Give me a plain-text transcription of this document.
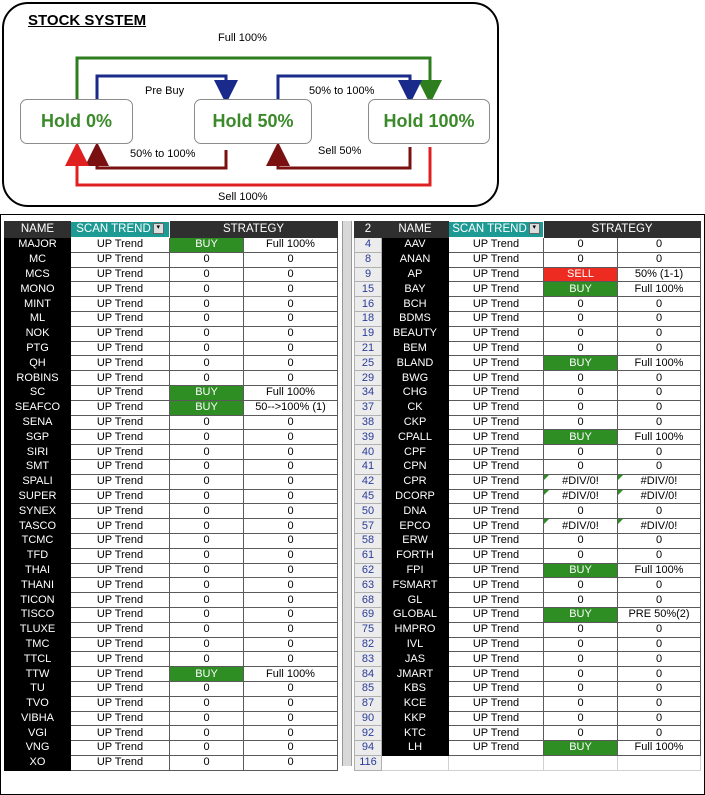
STOCK SYSTEM
Hold 0%	Hold 50%	Hold 100%
Full 100%
Pre Buy	50% to 100%
50% to 100%	Sell 50%
Sell 100%
NAME	SCAN TREND ▾	STRATEGY	
MAJOR	UP Trend	BUY	Full 100%
MC	UP Trend	0	0
MCS	UP Trend	0	0
MONO	UP Trend	0	0
MINT	UP Trend	0	0
ML	UP Trend	0	0
NOK	UP Trend	0	0
PTG	UP Trend	0	0
QH	UP Trend	0	0
ROBINS	UP Trend	0	0
SC	UP Trend	BUY	Full 100%
SEAFCO	UP Trend	BUY	50-->100% (1)
SENA	UP Trend	0	0
SGP	UP Trend	0	0
SIRI	UP Trend	0	0
SMT	UP Trend	0	0
SPALI	UP Trend	0	0
SUPER	UP Trend	0	0
SYNEX	UP Trend	0	0
TASCO	UP Trend	0	0
TCMC	UP Trend	0	0
TFD	UP Trend	0	0
THAI	UP Trend	0	0
THANI	UP Trend	0	0
TICON	UP Trend	0	0
TISCO	UP Trend	0	0
TLUXE	UP Trend	0	0
TMC	UP Trend	0	0
TTCL	UP Trend	0	0
TTW	UP Trend	BUY	Full 100%
TU	UP Trend	0	0
TVO	UP Trend	0	0
VIBHA	UP Trend	0	0
VGI	UP Trend	0	0
VNG	UP Trend	0	0
XO	UP Trend	0	0
2	NAME	SCAN TREND ▾	STRATEGY	
4	AAV	UP Trend	0	0
8	ANAN	UP Trend	0	0
9	AP	UP Trend	SELL	50% (1-1)
15	BAY	UP Trend	BUY	Full 100%
16	BCH	UP Trend	0	0
18	BDMS	UP Trend	0	0
19	BEAUTY	UP Trend	0	0
21	BEM	UP Trend	0	0
25	BLAND	UP Trend	BUY	Full 100%
29	BWG	UP Trend	0	0
34	CHG	UP Trend	0	0
37	CK	UP Trend	0	0
38	CKP	UP Trend	0	0
39	CPALL	UP Trend	BUY	Full 100%
40	CPF	UP Trend	0	0
41	CPN	UP Trend	0	0
42	CPR	UP Trend	#DIV/0!	#DIV/0!
45	DCORP	UP Trend	#DIV/0!	#DIV/0!
50	DNA	UP Trend	0	0
57	EPCO	UP Trend	#DIV/0!	#DIV/0!
58	ERW	UP Trend	0	0
61	FORTH	UP Trend	0	0
62	FPI	UP Trend	BUY	Full 100%
63	FSMART	UP Trend	0	0
68	GL	UP Trend	0	0
69	GLOBAL	UP Trend	BUY	PRE 50%(2)
75	HMPRO	UP Trend	0	0
82	IVL	UP Trend	0	0
83	JAS	UP Trend	0	0
84	JMART	UP Trend	0	0
85	KBS	UP Trend	0	0
87	KCE	UP Trend	0	0
90	KKP	UP Trend	0	0
92	KTC	UP Trend	0	0
94	LH	UP Trend	BUY	Full 100%
116				
